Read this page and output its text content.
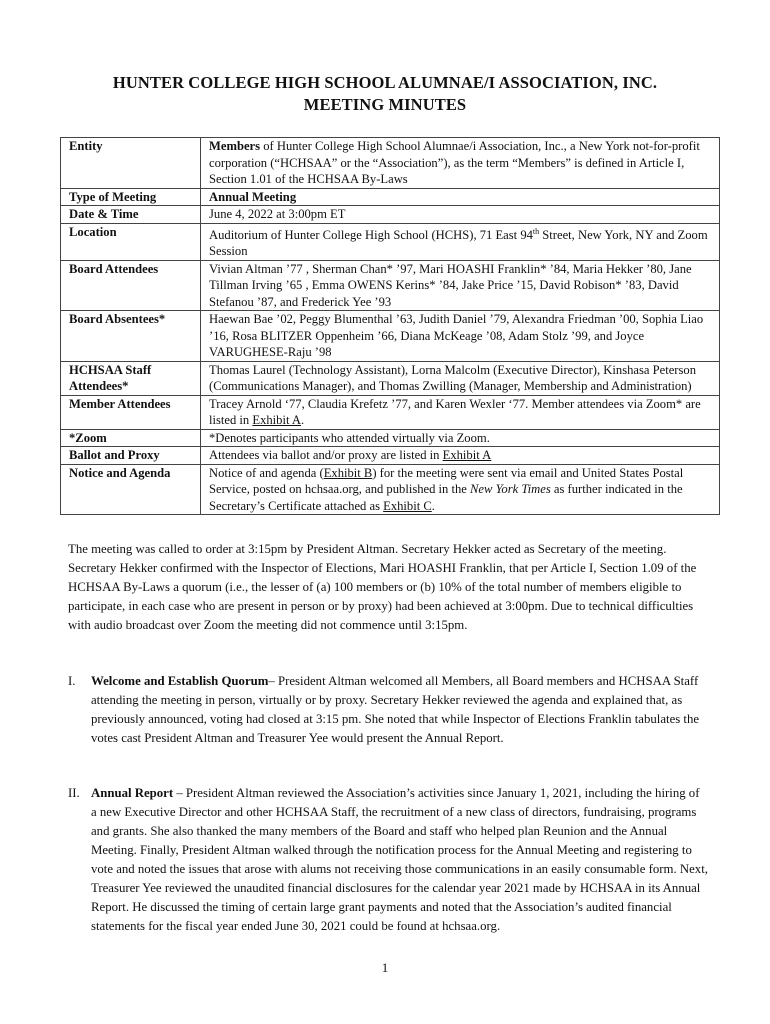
HUNTER COLLEGE HIGH SCHOOL ALUMNAE/I ASSOCIATION, INC.
MEETING MINUTES
Entity	Members of Hunter College High School Alumnae/i Association, Inc., a New York not-for-profit corporation (“HCHSAA” or the “Association”), as the term “Members” is defined in Article I, Section 1.01 of the HCHSAA By-Laws
Type of Meeting	Annual Meeting
Date & Time	June 4, 2022 at 3:00pm ET
Location	Auditorium of Hunter College High School (HCHS), 71 East 94th Street, New York, NY and Zoom Session
Board Attendees	Vivian Altman ’77 , Sherman Chan* ’97, Mari HOASHI Franklin* ’84, Maria Hekker ’80, Jane Tillman Irving ’65 , Emma OWENS Kerins* ’84, Jake Price ’15, David Robison* ’83, David Stefanou ’87, and Frederick Yee ’93
Board Absentees*	Haewan Bae ’02, Peggy Blumenthal ’63, Judith Daniel ’79, Alexandra Friedman ’00, Sophia Liao ’16, Rosa BLITZER Oppenheim ’66, Diana McKeage ’08, Adam Stolz ’99, and Joyce VARUGHESE-Raju ’98
HCHSAA Staff Attendees*	Thomas Laurel (Technology Assistant), Lorna Malcolm (Executive Director), Kinshasa Peterson (Communications Manager), and Thomas Zwilling (Manager, Membership and Administration)
Member Attendees	Tracey Arnold ‘77, Claudia Krefetz ’77, and Karen Wexler ‘77. Member attendees via Zoom* are listed in Exhibit A.
*Zoom	*Denotes participants who attended virtually via Zoom.
Ballot and Proxy	Attendees via ballot and/or proxy are listed in Exhibit A
Notice and Agenda	Notice of and agenda (Exhibit B) for the meeting were sent via email and United States Postal Service, posted on hchsaa.org, and published in the New York Times as further indicated in the Secretary’s Certificate attached as Exhibit C.
The meeting was called to order at 3:15pm by President Altman. Secretary Hekker acted as Secretary of the meeting. Secretary Hekker confirmed with the Inspector of Elections, Mari HOASHI Franklin, that per Article I, Section 1.09 of the HCHSAA By-Laws a quorum (i.e., the lesser of (a) 100 members or (b) 10% of the total number of members eligible to participate, in each case who are present in person or by proxy) had been achieved at 3:00pm. Due to technical difficulties with audio broadcast over Zoom the meeting did not commence until 3:15pm.
I.	Welcome and Establish Quorum– President Altman welcomed all Members, all Board members and HCHSAA Staff attending the meeting in person, virtually or by proxy. Secretary Hekker reviewed the agenda and explained that, as previously announced, voting had closed at 3:15 pm. She noted that while Inspector of Elections Franklin tabulates the votes cast President Altman and Treasurer Yee would present the Annual Report.
II. Annual Report – President Altman reviewed the Association’s activities since January 1, 2021, including the hiring of a new Executive Director and other HCHSAA Staff, the recruitment of a new class of directors, fundraising, programs and grants. She also thanked the many members of the Board and staff who helped plan Reunion and the Annual Meeting. Finally, President Altman walked through the notification process for the Annual Meeting and registering to vote and noted the issues that arose with alums not receiving those communications in an easily consumable form. Next, Treasurer Yee reviewed the unaudited financial disclosures for the calendar year 2021 made by HCHSAA in its Annual Report. He discussed the timing of certain large grant payments and noted that the Association’s audited financial statements for the fiscal year ended June 30, 2021 could be found at hchsaa.org.
1
